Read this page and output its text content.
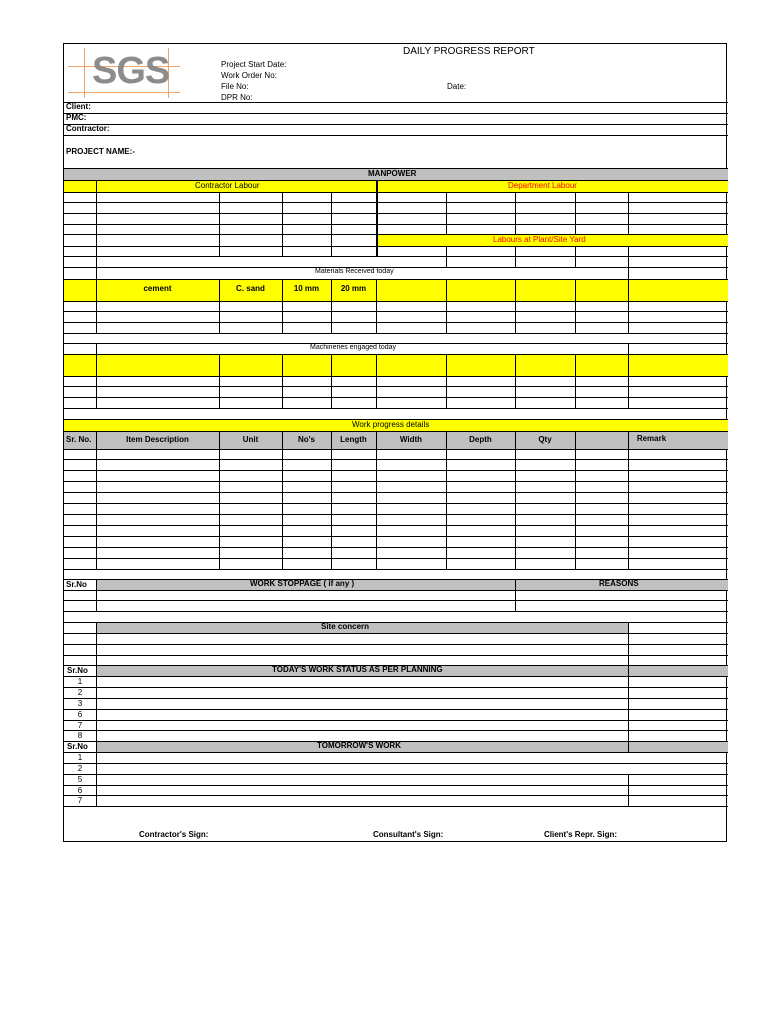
SGS	DAILY PROGRESS REPORT
Project Start Date:
Work Order No:
File No:
DPR No:
Date:
Client:
PMC:
Contractor:
PROJECT NAME:-
MANPOWER
Contractor Labour	Department Labour
Labours at Plant/Site Yard
Materials Received today
cement	C. sand	10 mm	20 mm
Machineries engaged today
Work progress details
Sr. No.	Item Description	Unit	No's	Length	Width	Depth	Qty	Remark
Sr.No	WORK STOPPAGE ( if any )	REASONS
Site concern
Sr.No	TODAY'S WORK STATUS AS PER PLANNING
1
2
3
6
7
8
Sr.No	TOMORROW'S WORK
1
2
5
6
7
Contractor's Sign:	Consultant's Sign:	Client's Repr. Sign:
